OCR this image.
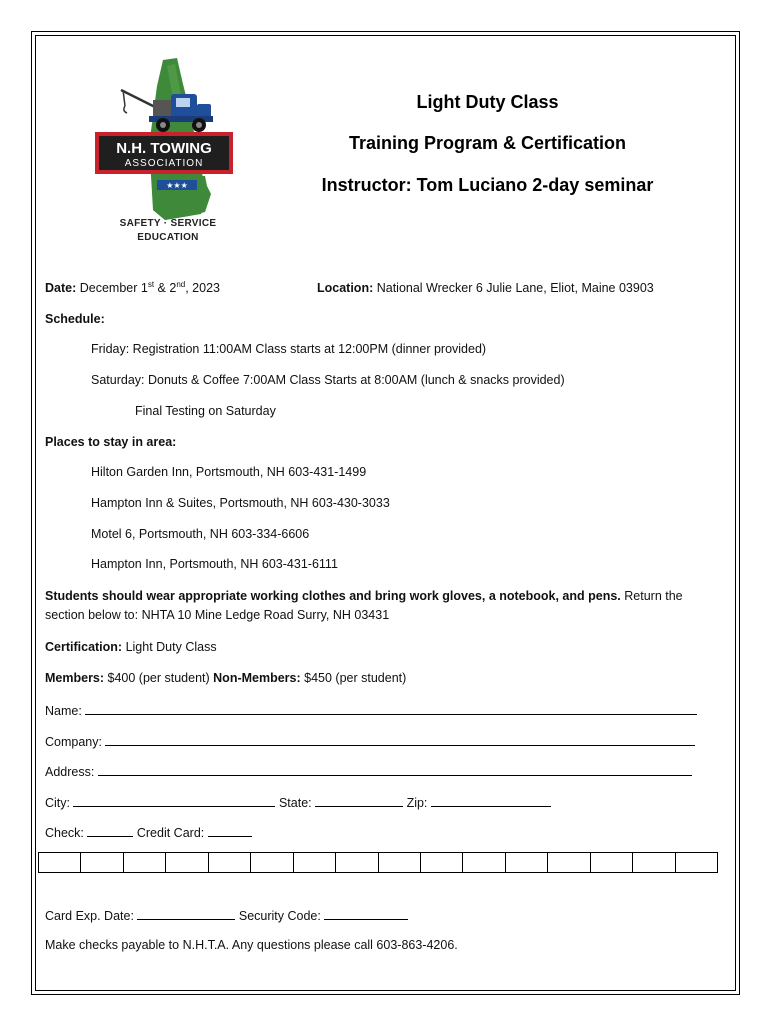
N.H. TOWING
ASSOCIATION
★★★
SAFETY · SERVICE
EDUCATION
Light Duty Class
Training Program & Certification
Instructor: Tom Luciano 2-day seminar
Date: December 1st & 2nd, 2023	Location: National Wrecker 6 Julie Lane, Eliot, Maine 03903
Schedule:
Friday: Registration 11:00AM Class starts at 12:00PM (dinner provided)
Saturday: Donuts & Coffee 7:00AM Class Starts at 8:00AM (lunch & snacks provided)
Final Testing on Saturday
Places to stay in area:
Hilton Garden Inn, Portsmouth, NH 603-431-1499
Hampton Inn & Suites, Portsmouth, NH 603-430-3033
Motel 6, Portsmouth, NH 603-334-6606
Hampton Inn, Portsmouth, NH 603-431-6111
Students should wear appropriate working clothes and bring work gloves, a notebook, and pens. Return the section below to: NHTA 10 Mine Ledge Road Surry, NH 03431
Certification: Light Duty Class
Members: $400 (per student) Non-Members: $450 (per student)
Name:
Company:
Address:
City:	State:	Zip:
Check:	Credit Card:
Card Exp. Date:	Security Code:
Make checks payable to N.H.T.A. Any questions please call 603-863-4206.
